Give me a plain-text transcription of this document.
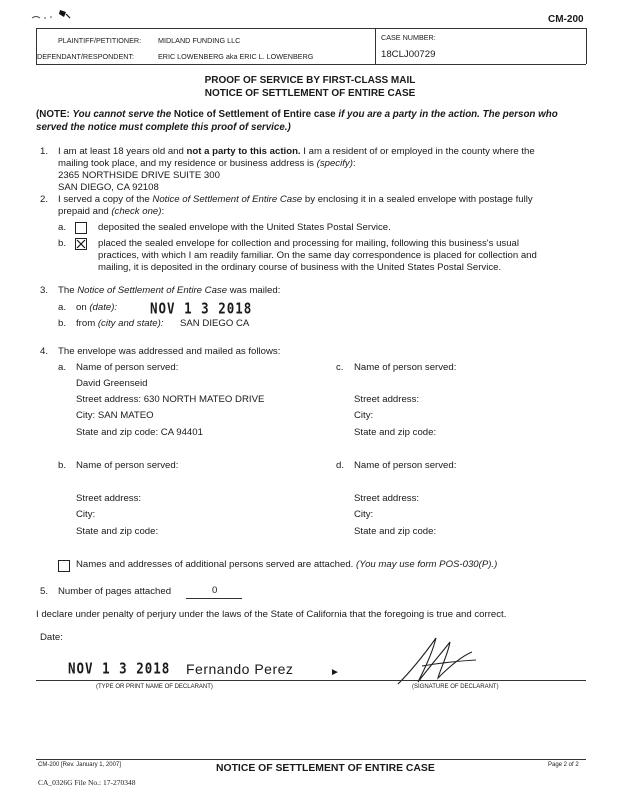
CM-200
PLAINTIFF/PETITIONER: MIDLAND FUNDING LLC
DEFENDANT/RESPONDENT:	ERIC LOWENBERG aka ERIC L. LOWENBERG
CASE NUMBER:
18CLJ00729
PROOF OF SERVICE BY FIRST-CLASS MAIL
NOTICE OF SETTLEMENT OF ENTIRE CASE
(NOTE: You cannot serve the Notice of Settlement of Entire case if you are a party in the action. The person who
served the notice must complete this proof of service.)
1. I am at least 18 years old and not a party to this action. I am a resident of or employed in the county where the
mailing took place, and my residence or business address is (specify):
2365 NORTHSIDE DRIVE SUITE 300
SAN DIEGO, CA 92108
2. I served a copy of the Notice of Settlement of Entire Case by enclosing it in a sealed envelope with postage fully
prepaid and (check one):
a.	deposited the sealed envelope with the United States Postal Service.
b.	placed the sealed envelope for collection and processing for mailing, following this business's usual
practices, with which I am readily familiar. On the same day correspondence is placed for collection and
mailing, it is deposited in the ordinary course of business with the United States Postal Service.
3. The Notice of Settlement of Entire Case was mailed:
a. on (date):	NOV 1 3 2018
b. from (city and state): SAN DIEGO CA
4. The envelope was addressed and mailed as follows:
a. Name of person served:
David Greenseid
Street address: 630 NORTH MATEO DRIVE
City: SAN MATEO
State and zip code: CA 94401
c. Name of person served:
Street address:
City:
State and zip code:
b. Name of person served:
Street address:
City:
State and zip code:
d. Name of person served:
Street address:
City:
State and zip code:
Names and addresses of additional persons served are attached. (You may use form POS-030(P).)
5. Number of pages attached	0
I declare under penalty of perjury under the laws of the State of California that the foregoing is true and correct.
Date:
NOV 1 3 2018 Fernando Perez	►
(TYPE OR PRINT NAME OF DECLARANT)	(SIGNATURE OF DECLARANT)
CM-200 [Rev. January 1, 2007]	NOTICE OF SETTLEMENT OF ENTIRE CASE	Page 2 of 2
CA_0326G File No.: 17-270348
